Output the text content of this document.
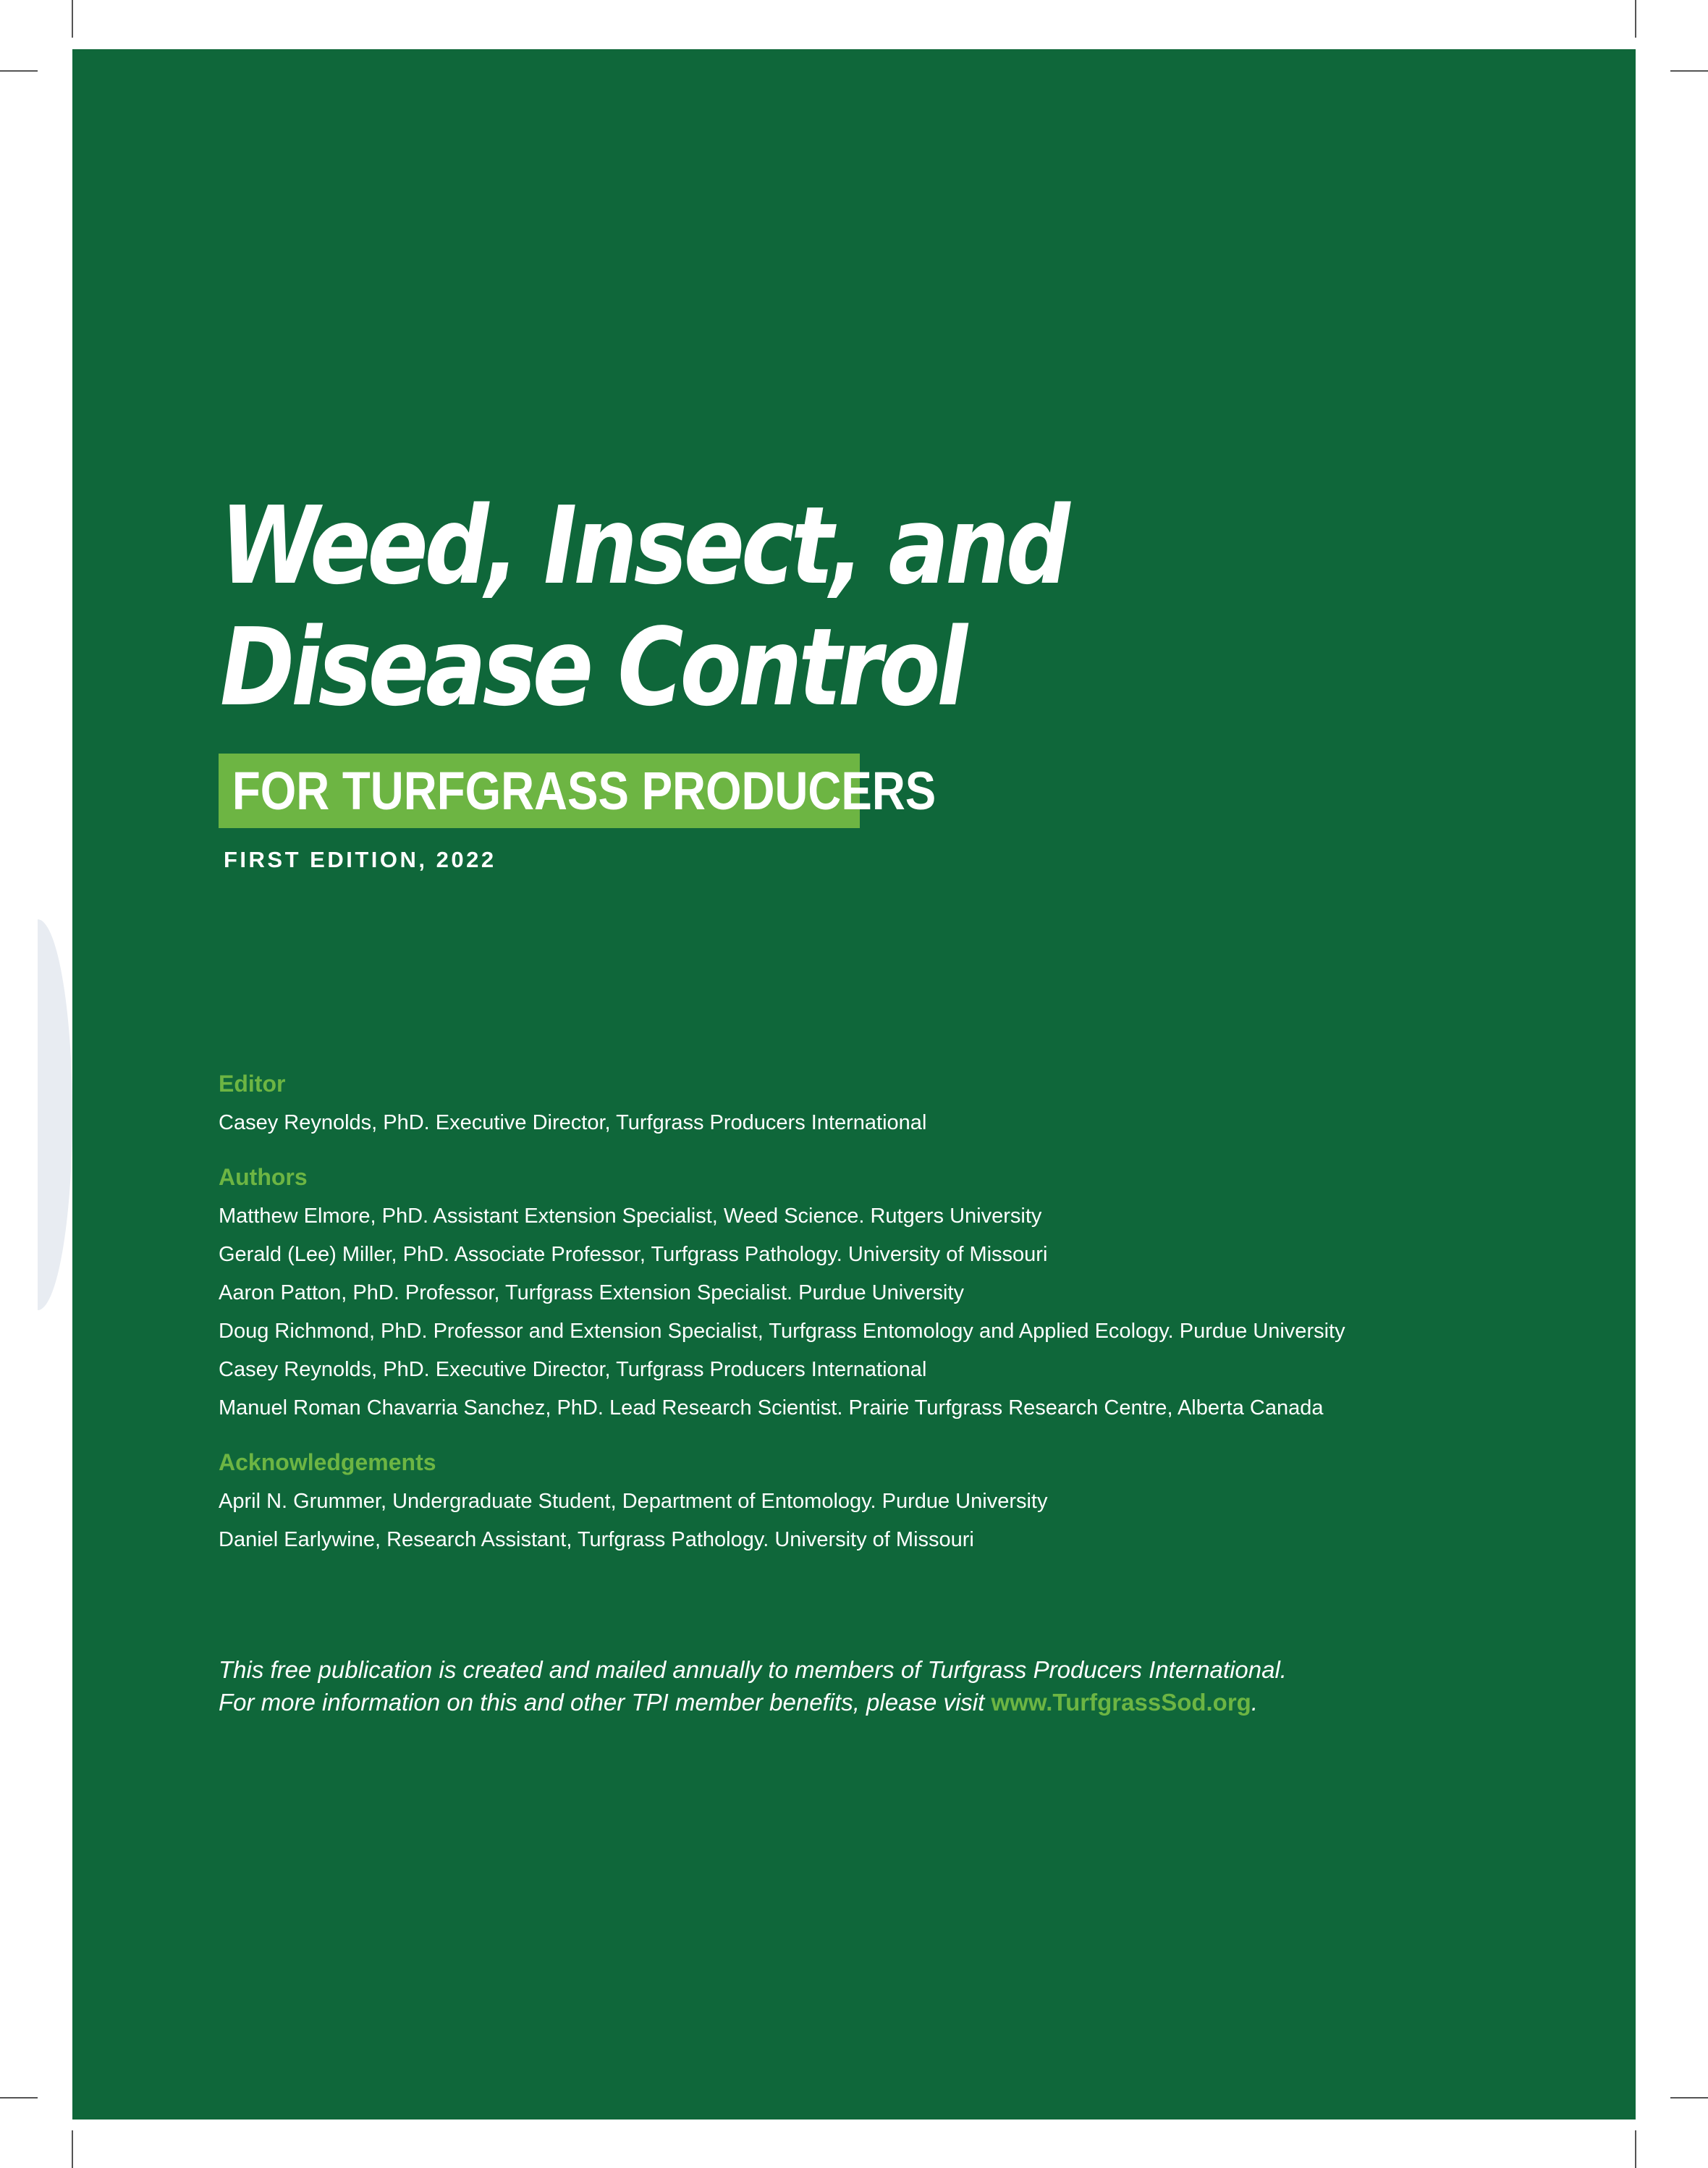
Weed, Insect, and
Disease Control
FOR TURFGRASS PRODUCERS
FIRST EDITION, 2022
Editor
Casey Reynolds, PhD. Executive Director, Turfgrass Producers International
Authors
Matthew Elmore, PhD. Assistant Extension Specialist, Weed Science. Rutgers University
Gerald (Lee) Miller, PhD. Associate Professor, Turfgrass Pathology. University of Missouri
Aaron Patton, PhD. Professor, Turfgrass Extension Specialist. Purdue University
Doug Richmond, PhD. Professor and Extension Specialist, Turfgrass Entomology and Applied Ecology. Purdue University
Casey Reynolds, PhD. Executive Director, Turfgrass Producers International
Manuel Roman Chavarria Sanchez, PhD. Lead Research Scientist. Prairie Turfgrass Research Centre, Alberta Canada
Acknowledgements
April N. Grummer, Undergraduate Student, Department of Entomology. Purdue University
Daniel Earlywine, Research Assistant, Turfgrass Pathology. University of Missouri
This free publication is created and mailed annually to members of Turfgrass Producers International.
For more information on this and other TPI member benefits, please visit www.TurfgrassSod.org.
